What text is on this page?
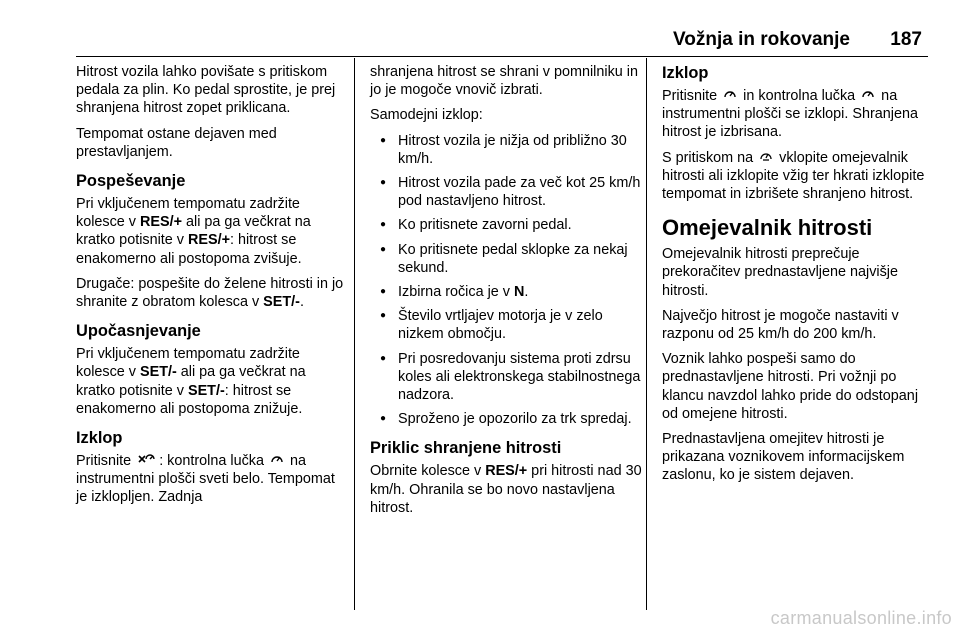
Vožnja in rokovanje	187

Hitrost vozila lahko povišate s pritiskom pedala za plin. Ko pedal sprostite, je prej shranjena hitrost zopet priklicana.

Tempomat ostane dejaven med prestavljanjem.

Pospeševanje

Pri vključenem tempomatu zadržite kolesce v RES/+ ali pa ga večkrat na kratko potisnite v RES/+: hitrost se enakomerno ali postopoma zvišuje.

Drugače: pospešite do želene hitrosti in jo shranite z obratom kolesca v SET/-.

Upočasnjevanje

Pri vključenem tempomatu zadržite kolesce v SET/- ali pa ga večkrat na kratko potisnite v SET/-: hitrost se enakomerno ali postopoma znižuje.

Izklop

Pritisnite : kontrolna lučka  na instrumentni plošči sveti belo. Tempomat je izklopljen. Zadnja

shranjena hitrost se shrani v pomnilniku in jo je mogoče vnovič izbrati.

Samodejni izklop:

● Hitrost vozila je nižja od približno 30 km/h.
● Hitrost vozila pade za več kot 25 km/h pod nastavljeno hitrost.
● Ko pritisnete zavorni pedal.
● Ko pritisnete pedal sklopke za nekaj sekund.
● Izbirna ročica je v N.
● Število vrtljajev motorja je v zelo nizkem območju.
● Pri posredovanju sistema proti zdrsu koles ali elektronskega stabilnostnega nadzora.
● Sproženo je opozorilo za trk spredaj.
Priklic shranjene hitrosti

Obrnite kolesce v RES/+ pri hitrosti nad 30 km/h. Ohranila se bo novo nastavljena hitrost.

Izklop

Pritisnite  in kontrolna lučka  na instrumentni plošči se izklopi. Shranjena hitrost je izbrisana.

S pritiskom na  vklopite omejevalnik hitrosti ali izklopite vžig ter hkrati izklopite tempomat in izbrišete shranjeno hitrost.

Omejevalnik hitrosti

Omejevalnik hitrosti preprečuje prekoračitev prednastavljene najvišje hitrosti.

Največjo hitrost je mogoče nastaviti v razponu od 25 km/h do 200 km/h.

Voznik lahko pospeši samo do prednastavljene hitrosti. Pri vožnji po klancu navzdol lahko pride do odstopanj od omejene hitrosti.

Prednastavljena omejitev hitrosti je prikazana voznikovem informacijskem zaslonu, ko je sistem dejaven.

carmanualsonline.info
